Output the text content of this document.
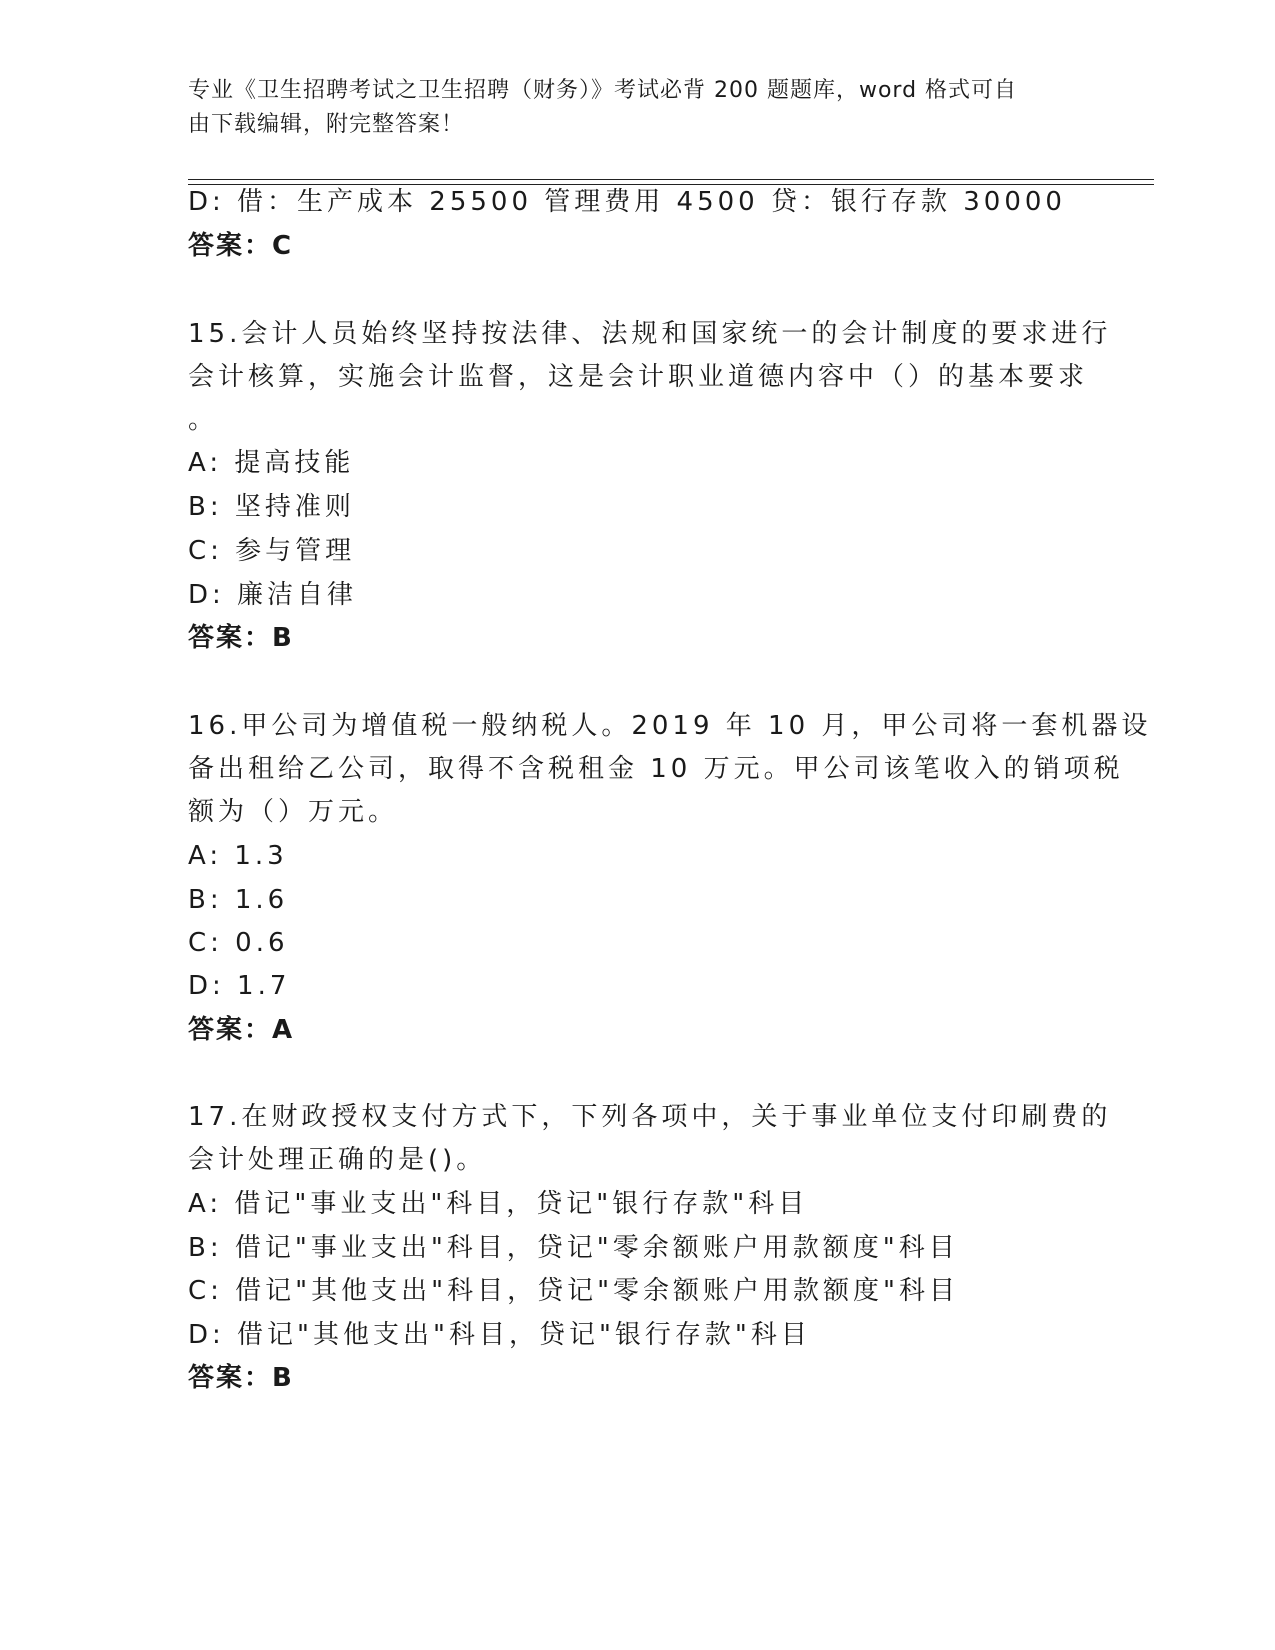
专业《卫生招聘考试之卫生招聘（财务）》考试必背 200 题题库，word 格式可自
由下载编辑，附完整答案！
D: 借：生产成本 25500 管理费用 4500 贷：银行存款 30000
答案：C
15.会计人员始终坚持按法律、法规和国家统一的会计制度的要求进行
会计核算，实施会计监督，这是会计职业道德内容中（）的基本要求
。
A: 提高技能
B: 坚持准则
C: 参与管理
D: 廉洁自律
答案：B
16.甲公司为增值税一般纳税人。2019 年 10 月，甲公司将一套机器设
备出租给乙公司，取得不含税租金 10 万元。甲公司该笔收入的销项税
额为（）万元。
A: 1.3
B: 1.6
C: 0.6
D: 1.7
答案：A
17.在财政授权支付方式下，下列各项中，关于事业单位支付印刷费的
会计处理正确的是()。
A: 借记"事业支出"科目，贷记"银行存款"科目
B: 借记"事业支出"科目，贷记"零余额账户用款额度"科目
C: 借记"其他支出"科目，贷记"零余额账户用款额度"科目
D: 借记"其他支出"科目，贷记"银行存款"科目
答案：B
